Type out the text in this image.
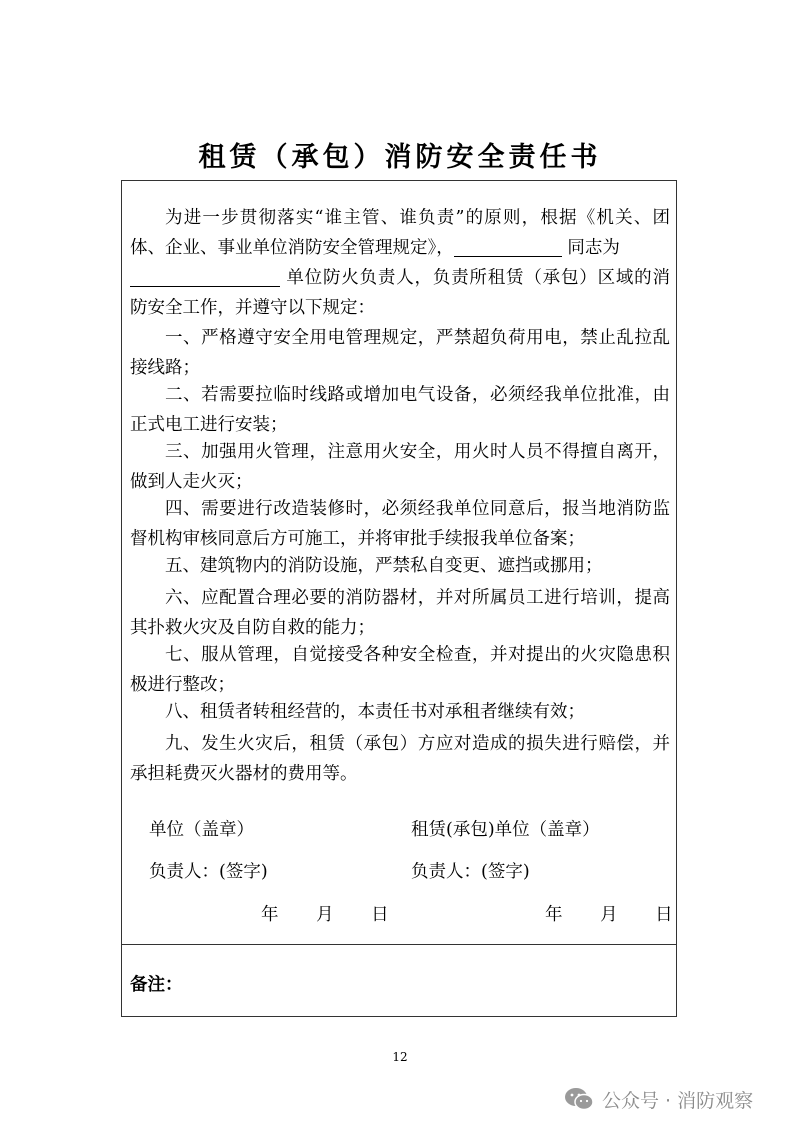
租赁（承包）消防安全责任书

为进一步贯彻落实“谁主管、谁负责”的原则，根据《机关、团体、企业、事业单位消防安全管理规定》，	同志为
单位防火负责人，负责所租赁（承包）区域的消防安全工作，并遵守以下规定：

一、严格遵守安全用电管理规定，严禁超负荷用电，禁止乱拉乱接线路；

二、若需要拉临时线路或增加电气设备，必须经我单位批准，由正式电工进行安装；

三、加强用火管理，注意用火安全，用火时人员不得擅自离开，做到人走火灭；

四、需要进行改造装修时，必须经我单位同意后，报当地消防监督机构审核同意后方可施工，并将审批手续报我单位备案；

五、建筑物内的消防设施，严禁私自变更、遮挡或挪用；

六、应配置合理必要的消防器材，并对所属员工进行培训，提高其扑救火灾及自防自救的能力；

七、服从管理，自觉接受各种安全检查，并对提出的火灾隐患积极进行整改；

八、租赁者转租经营的，本责任书对承租者继续有效；

九、发生火灾后，租赁（承包）方应对造成的损失进行赔偿，并承担耗费灭火器材的费用等。

单位（盖章）	租赁(承包)单位（盖章）
负责人：(签字)	负责人：(签字)
年 月 日	年 月 日
备注：
12
公众号 · 消防观察
